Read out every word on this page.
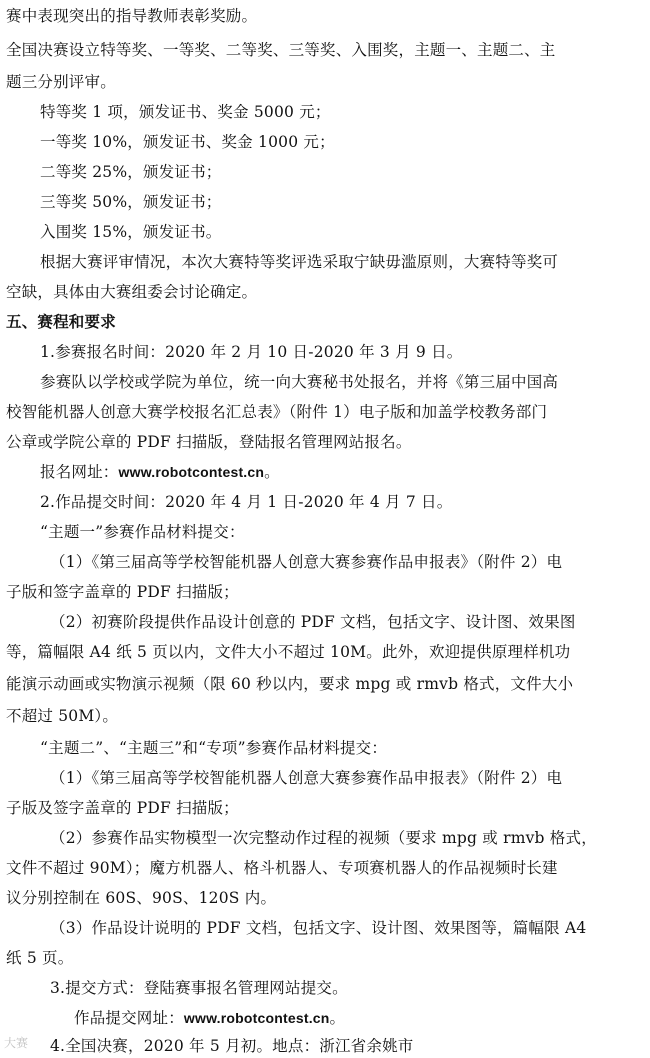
赛中表现突出的指导教师表彰奖励。
全国决赛设立特等奖、一等奖、二等奖、三等奖、入围奖，主题一、主题二、主
题三分别评审。
特等奖 1 项，颁发证书、奖金 5000 元；
一等奖 10%，颁发证书、奖金 1000 元；
二等奖 25%，颁发证书；
三等奖 50%，颁发证书；
入围奖 15%，颁发证书。
根据大赛评审情况，本次大赛特等奖评选采取宁缺毋滥原则，大赛特等奖可
空缺，具体由大赛组委会讨论确定。
五、赛程和要求
1.参赛报名时间：2020 年 2 月 10 日-2020 年 3 月 9 日。
参赛队以学校或学院为单位，统一向大赛秘书处报名，并将《第三届中国高
校智能机器人创意大赛学校报名汇总表》（附件 1）电子版和加盖学校教务部门
公章或学院公章的 PDF 扫描版，登陆报名管理网站报名。
报名网址：www.robotcontest.cn。
2.作品提交时间：2020 年 4 月 1 日-2020 年 4 月 7 日。
“主题一”参赛作品材料提交：
（1）《第三届高等学校智能机器人创意大赛参赛作品申报表》（附件 2）电
子版和签字盖章的 PDF 扫描版；
（2）初赛阶段提供作品设计创意的 PDF 文档，包括文字、设计图、效果图
等，篇幅限 A4 纸 5 页以内，文件大小不超过 10M。此外，欢迎提供原理样机功
能演示动画或实物演示视频（限 60 秒以内，要求 mpg 或 rmvb 格式，文件大小
不超过 50M）。
“主题二”、“主题三”和“专项”参赛作品材料提交：
（1）《第三届高等学校智能机器人创意大赛参赛作品申报表》（附件 2）电
子版及签字盖章的 PDF 扫描版；
（2）参赛作品实物模型一次完整动作过程的视频（要求 mpg 或 rmvb 格式，
文件不超过 90M）；魔方机器人、格斗机器人、专项赛机器人的作品视频时长建
议分别控制在 60S、90S、120S 内。
（3）作品设计说明的 PDF 文档，包括文字、设计图、效果图等，篇幅限 A4
纸 5 页。
3.提交方式：登陆赛事报名管理网站提交。
作品提交网址：www.robotcontest.cn。
4.全国决赛，2020 年 5 月初。地点：浙江省余姚市
大赛
